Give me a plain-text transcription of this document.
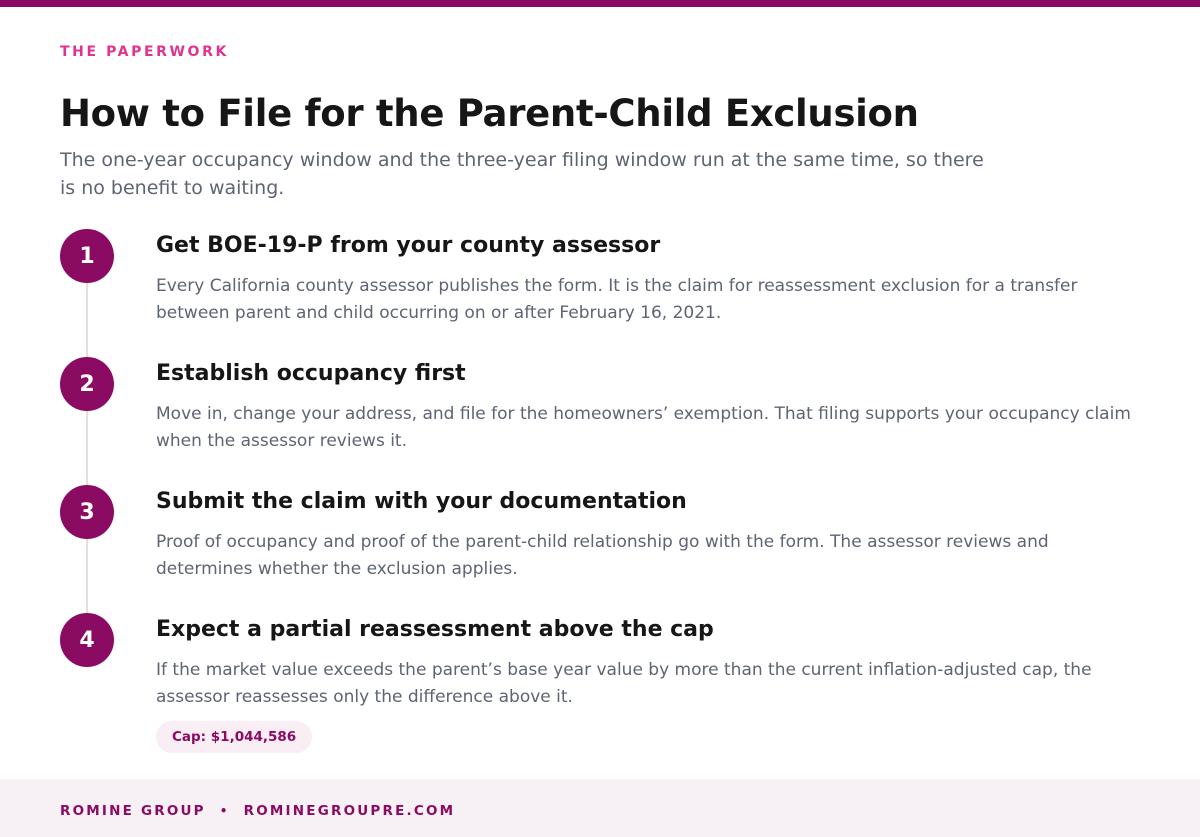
THE PAPERWORK
How to File for the Parent-Child Exclusion

The one-year occupancy window and the three-year filing window run at the same time, so there is no benefit to waiting.

1	Get BOE-19-P from your county assessor
Every California county assessor publishes the form. It is the claim for reassessment exclusion for a transfer between parent and child occurring on or after February 16, 2021.
2	Establish occupancy first
Move in, change your address, and file for the homeowners’ exemption. That filing supports your occupancy claim when the assessor reviews it.
3	Submit the claim with your documentation
Proof of occupancy and proof of the parent-child relationship go with the form. The assessor reviews and determines whether the exclusion applies.
4	Expect a partial reassessment above the cap
If the market value exceeds the parent’s base year value by more than the current inflation-adjusted cap, the assessor reassesses only the difference above it.
Cap: $1,044,586
ROMINE GROUP • ROMINEGROUPRE.COM
